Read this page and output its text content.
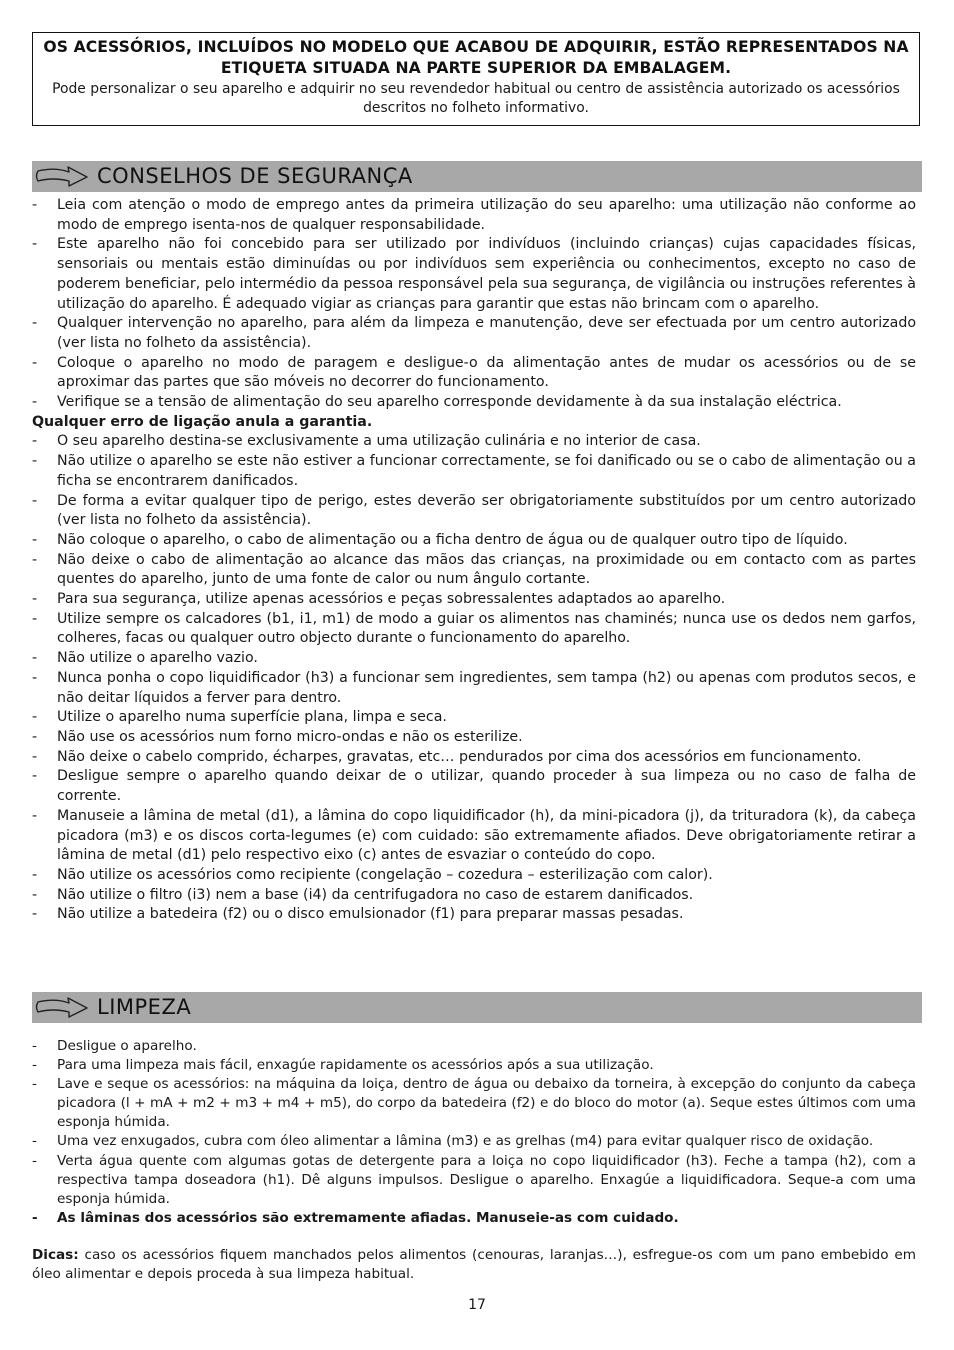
OS ACESSÓRIOS, INCLUÍDOS NO MODELO QUE ACABOU DE ADQUIRIR, ESTÃO REPRESENTADOS NA ETIQUETA SITUADA NA PARTE SUPERIOR DA EMBALAGEM.
Pode personalizar o seu aparelho e adquirir no seu revendedor habitual ou centro de assistência autorizado os acessórios descritos no folheto informativo.
CONSELHOS DE SEGURANÇA
- Leia com atenção o modo de emprego antes da primeira utilização do seu aparelho: uma utilização não conforme ao modo de emprego isenta-nos de qualquer responsabilidade.
- Este aparelho não foi concebido para ser utilizado por indivíduos (incluindo crianças) cujas capacidades físicas, sensoriais ou mentais estão diminuídas ou por indivíduos sem experiência ou conhecimentos, excepto no caso de poderem beneficiar, pelo intermédio da pessoa responsável pela sua segurança, de vigilância ou instruções referentes à utilização do aparelho. É adequado vigiar as crianças para garantir que estas não brincam com o aparelho.
- Qualquer intervenção no aparelho, para além da limpeza e manutenção, deve ser efectuada por um centro autorizado (ver lista no folheto da assistência).
- Coloque o aparelho no modo de paragem e desligue-o da alimentação antes de mudar os acessórios ou de se aproximar das partes que são móveis no decorrer do funcionamento.
- Verifique se a tensão de alimentação do seu aparelho corresponde devidamente à da sua instalação eléctrica.
Qualquer erro de ligação anula a garantia.
- O seu aparelho destina-se exclusivamente a uma utilização culinária e no interior de casa.
- Não utilize o aparelho se este não estiver a funcionar correctamente, se foi danificado ou se o cabo de alimentação ou a ficha se encontrarem danificados.
- De forma a evitar qualquer tipo de perigo, estes deverão ser obrigatoriamente substituídos por um centro autorizado (ver lista no folheto da assistência).
- Não coloque o aparelho, o cabo de alimentação ou a ficha dentro de água ou de qualquer outro tipo de líquido.
- Não deixe o cabo de alimentação ao alcance das mãos das crianças, na proximidade ou em contacto com as partes quentes do aparelho, junto de uma fonte de calor ou num ângulo cortante.
- Para sua segurança, utilize apenas acessórios e peças sobressalentes adaptados ao aparelho.
- Utilize sempre os calcadores (b1, i1, m1) de modo a guiar os alimentos nas chaminés; nunca use os dedos nem garfos, colheres, facas ou qualquer outro objecto durante o funcionamento do aparelho.
- Não utilize o aparelho vazio.
- Nunca ponha o copo liquidificador (h3) a funcionar sem ingredientes, sem tampa (h2) ou apenas com produtos secos, e não deitar líquidos a ferver para dentro.
- Utilize o aparelho numa superfície plana, limpa e seca.
- Não use os acessórios num forno micro-ondas e não os esterilize.
- Não deixe o cabelo comprido, écharpes, gravatas, etc… pendurados por cima dos acessórios em funcionamento.
- Desligue sempre o aparelho quando deixar de o utilizar, quando proceder à sua limpeza ou no caso de falha de corrente.
- Manuseie a lâmina de metal (d1), a lâmina do copo liquidificador (h), da mini-picadora (j), da trituradora (k), da cabeça picadora (m3) e os discos corta-legumes (e) com cuidado: são extremamente afiados. Deve obrigatoriamente retirar a lâmina de metal (d1) pelo respectivo eixo (c) antes de esvaziar o conteúdo do copo.
- Não utilize os acessórios como recipiente (congelação – cozedura – esterilização com calor).
- Não utilize o filtro (i3) nem a base (i4) da centrifugadora no caso de estarem danificados.
- Não utilize a batedeira (f2) ou o disco emulsionador (f1) para preparar massas pesadas.
LIMPEZA
- Desligue o aparelho.
- Para uma limpeza mais fácil, enxagúe rapidamente os acessórios após a sua utilização.
- Lave e seque os acessórios: na máquina da loiça, dentro de água ou debaixo da torneira, à excepção do conjunto da cabeça picadora (l + mA + m2 + m3 + m4 + m5), do corpo da batedeira (f2) e do bloco do motor (a). Seque estes últimos com uma esponja húmida.
- Uma vez enxugados, cubra com óleo alimentar a lâmina (m3) e as grelhas (m4) para evitar qualquer risco de oxidação.
- Verta água quente com algumas gotas de detergente para a loiça no copo liquidificador (h3). Feche a tampa (h2), com a respectiva tampa doseadora (h1). Dê alguns impulsos. Desligue o aparelho. Enxagúe a liquidificadora. Seque-a com uma esponja húmida.
- As lâminas dos acessórios são extremamente afiadas. Manuseie-as com cuidado.
Dicas: caso os acessórios fiquem manchados pelos alimentos (cenouras, laranjas…), esfregue-os com um pano embebido em óleo alimentar e depois proceda à sua limpeza habitual.
17
